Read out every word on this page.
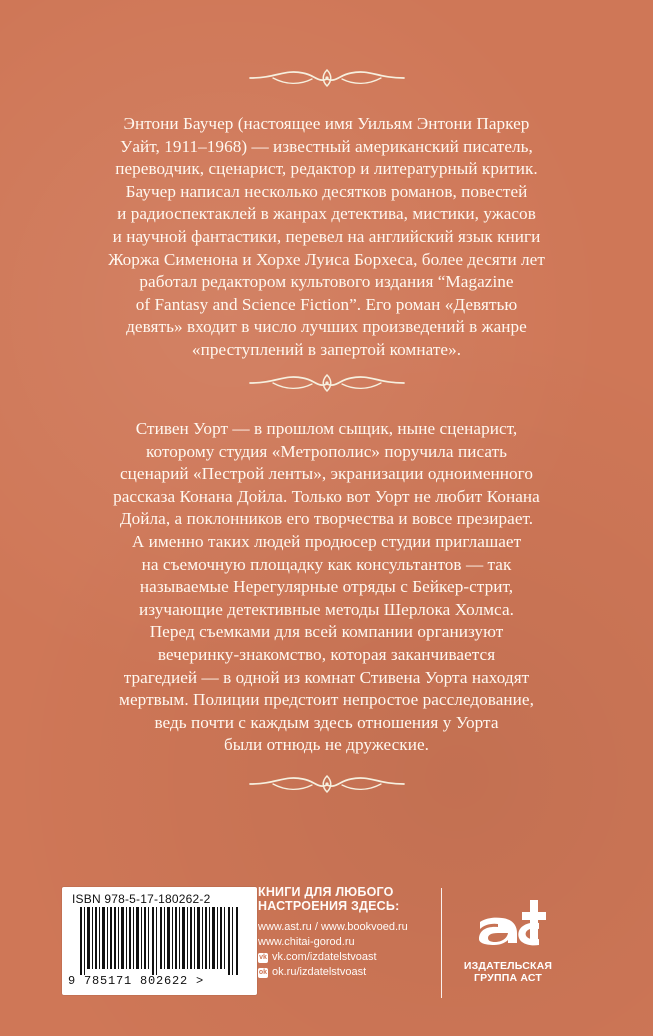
Энтони Баучер (настоящее имя Уильям Энтони Паркер
Уайт, 1911–1968) — известный американский писатель,
переводчик, сценарист, редактор и литературный критик.
Баучер написал несколько десятков романов, повестей
и радиоспектаклей в жанрах детектива, мистики, ужасов
и научной фантастики, перевел на английский язык книги
Жоржа Сименона и Хорхе Луиса Борхеса, более десяти лет
работал редактором культового издания “Magazine
of Fantasy and Science Fiction”. Его роман «Девятью
девять» входит в число лучших произведений в жанре
«преступлений в запертой комнате».
Стивен Уорт — в прошлом сыщик, ныне сценарист,
которому студия «Метрополис» поручила писать
сценарий «Пестрой ленты», экранизации одноименного
рассказа Конана Дойла. Только вот Уорт не любит Конана
Дойла, а поклонников его творчества и вовсе презирает.
А именно таких людей продюсер студии приглашает
на съемочную площадку как консультантов — так
называемые Нерегулярные отряды с Бейкер-стрит,
изучающие детективные методы Шерлока Холмса.
Перед съемками для всей компании организуют
вечеринку-знакомство, которая заканчивается
трагедией — в одной из комнат Стивена Уорта находят
мертвым. Полиции предстоит непростое расследование,
ведь почти с каждым здесь отношения у Уорта
были отнюдь не дружеские.
ISBN 978-5-17-180262-2
9 785171 802622 >
КНИГИ ДЛЯ ЛЮБОГО
НАСТРОЕНИЯ ЗДЕСЬ:
www.ast.ru / www.bookvoed.ru
www.chitai-gorod.ru
vk vk.com/izdatelstvoast
ok ok.ru/izdatelstvoast	ИЗДАТЕЛЬСКАЯ
ГРУППА АСТ
